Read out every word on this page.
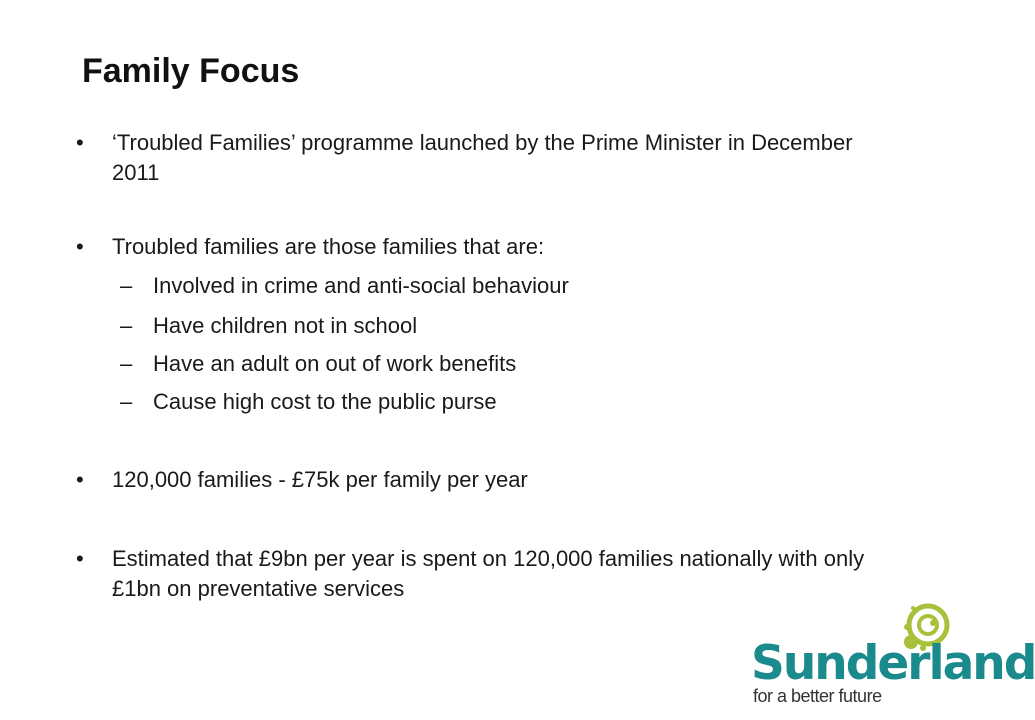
Family Focus
•	‘Troubled Families’ programme launched by the Prime Minister in December 2011
•	Troubled families are those families that are:
– Involved in crime and anti-social behaviour
– Have children not in school
– Have an adult on out of work benefits
– Cause high cost to the public purse
•	120,000 families - £75k per family per year
•	Estimated that £9bn per year is spent on 120,000 families nationally with only £1bn on preventative services
Sunderland
for a better future
